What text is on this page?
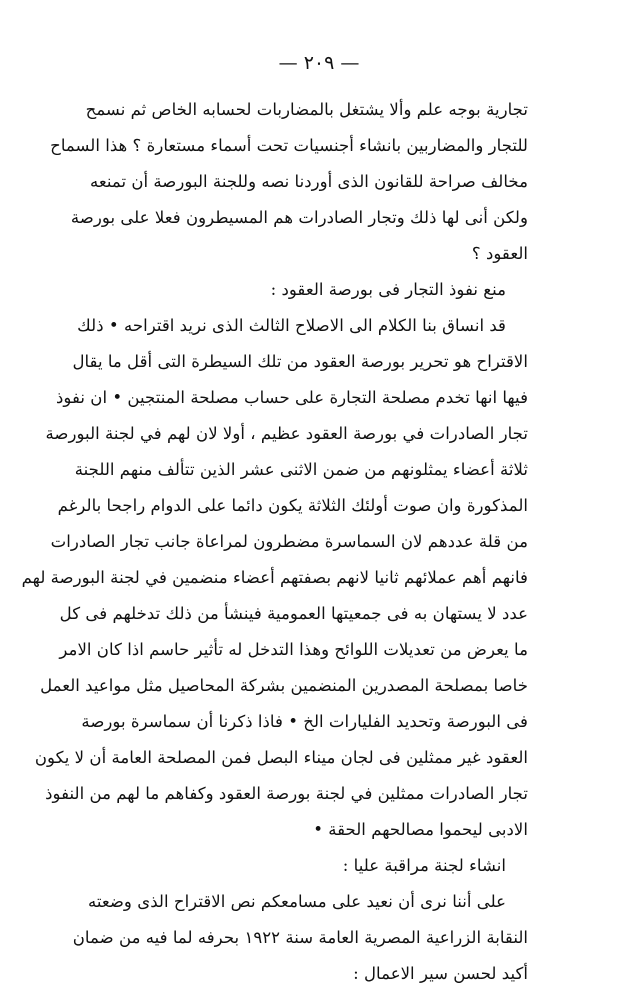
— ٢٠٩ —
تجارية بوجه علم وألا يشتغل بالمضاربات لحسابه الخاص ثم نسمح
للتجار والمضاربين بانشاء أجنسيات تحت أسماء مستعارة ؟ هذا السماح
مخالف صراحة للقانون الذى أوردنا نصه وللجنة البورصة أن تمنعه
ولكن أنى لها ذلك وتجار الصادرات هم المسيطرون فعلا على بورصة
العقود ؟
منع نفوذ التجار فى بورصة العقود :
قد انساق بنا الكلام الى الاصلاح الثالث الذى نريد اقتراحه • ذلك
الاقتراح هو تحرير بورصة العقود من تلك السيطرة التى أقل ما يقال
فيها انها تخدم مصلحة التجارة على حساب مصلحة المنتجين • ان نفوذ
تجار الصادرات في بورصة العقود عظيم ، أولا لان لهم في لجنة البورصة
ثلاثة أعضاء يمثلونهم من ضمن الاثنى عشر الذين تتألف منهم اللجنة
المذكورة وان صوت أولئك الثلاثة يكون دائما على الدوام راجحا بالرغم
من قلة عددهم لان السماسرة مضطرون لمراعاة جانب تجار الصادرات
فانهم أهم عملائهم ثانيا لانهم بصفتهم أعضاء منضمين في لجنة البورصة لهم
عدد لا يستهان به فى جمعيتها العمومية فينشأ من ذلك تدخلهم فى كل
ما يعرض من تعديلات اللوائح وهذا التدخل له تأثير حاسم اذا كان الامر
خاصا بمصلحة المصدرين المنضمين بشركة المحاصيل مثل مواعيد العمل
فى البورصة وتحديد الفليارات الخ • فاذا ذكرنا أن سماسرة بورصة
العقود غير ممثلين فى لجان ميناء البصل فمن المصلحة العامة أن لا يكون
تجار الصادرات ممثلين في لجنة بورصة العقود وكفاهم ما لهم من النفوذ
الادبى ليحموا مصالحهم الحقة •
انشاء لجنة مراقبة عليا :
على أننا نرى أن نعيد على مسامعكم نص الاقتراح الذى وضعته
النقابة الزراعية المصرية العامة سنة ١٩٢٢ بحرفه لما فيه من ضمان
أكيد لحسن سير الاعمال :
